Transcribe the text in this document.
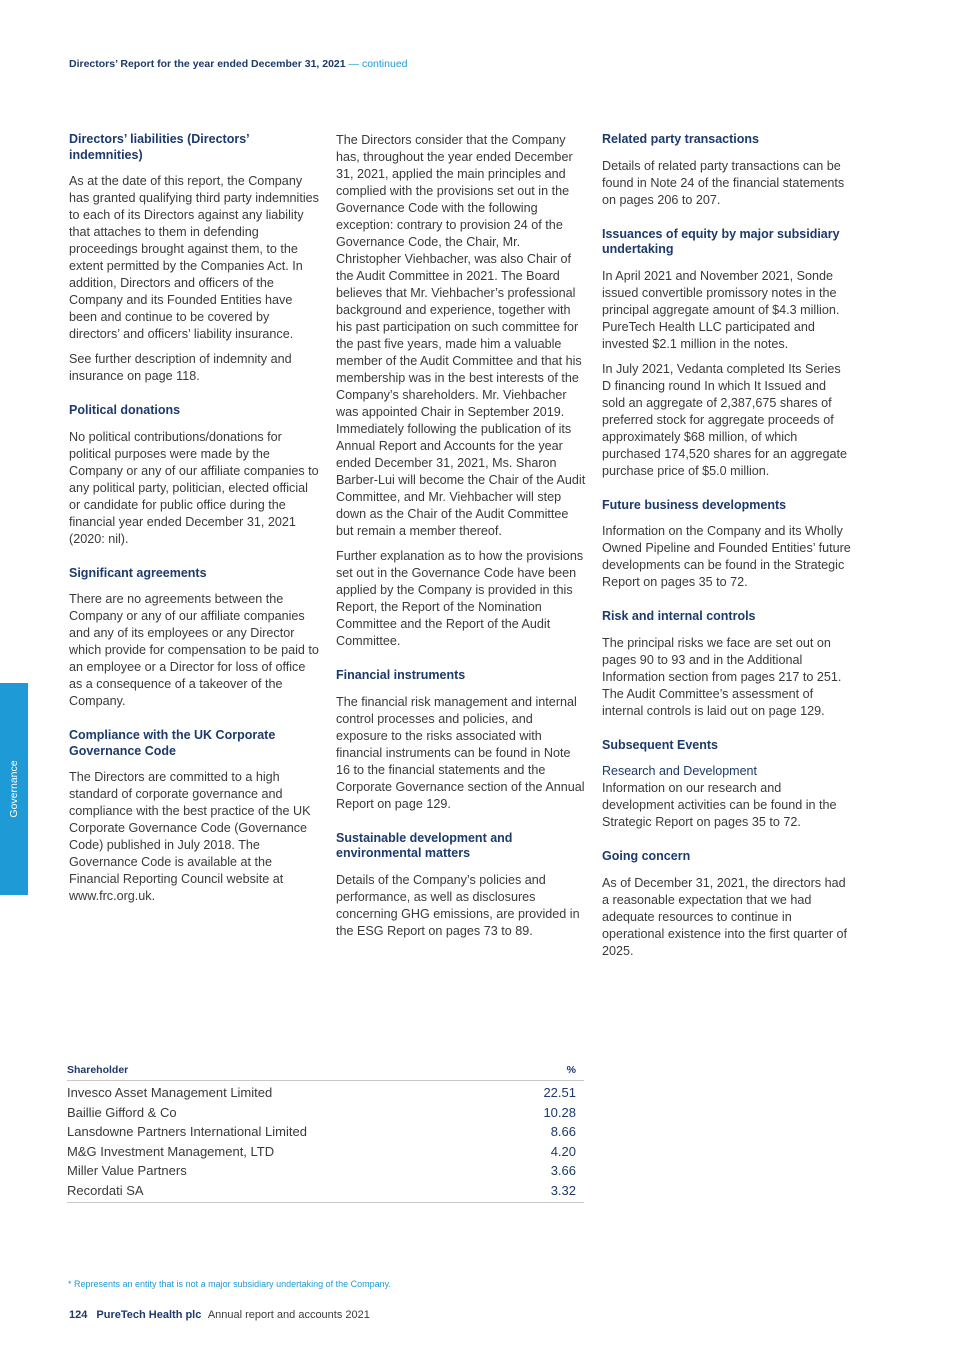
Directors’ Report for the year ended December 31, 2021 — continued
Governance
Directors’ liabilities (Directors’ indemnities)

As at the date of this report, the Company has granted qualifying third party indemnities to each of its Directors against any liability that attaches to them in defending proceedings brought against them, to the extent permitted by the Companies Act. In addition, Directors and officers of the Company and its Founded Entities have been and continue to be covered by directors’ and officers’ liability insurance.

See further description of indemnity and insurance on page 118.

Political donations

No political contributions/donations for political purposes were made by the Company or any of our affiliate companies to any political party, politician, elected official or candidate for public office during the financial year ended December 31, 2021 (2020: nil).

Significant agreements

There are no agreements between the Company or any of our affiliate companies and any of its employees or any Director which provide for compensation to be paid to an employee or a Director for loss of office as a consequence of a takeover of the Company.

Compliance with the UK Corporate Governance Code

The Directors are committed to a high standard of corporate governance and compliance with the best practice of the UK Corporate Governance Code (Governance Code) published in July 2018. The Governance Code is available at the Financial Reporting Council website at www.frc.org.uk.

The Directors consider that the Company has, throughout the year ended December 31, 2021, applied the main principles and complied with the provisions set out in the Governance Code with the following exception: contrary to provision 24 of the Governance Code, the Chair, Mr. Christopher Viehbacher, was also Chair of the Audit Committee in 2021. The Board believes that Mr. Viehbacher’s professional background and experience, together with his past participation on such committee for the past five years, made him a valuable member of the Audit Committee and that his membership was in the best interests of the Company’s shareholders. Mr. Viehbacher was appointed Chair in September 2019. Immediately following the publication of its Annual Report and Accounts for the year ended December 31, 2021, Ms. Sharon Barber-Lui will become the Chair of the Audit Committee, and Mr. Viehbacher will step down as the Chair of the Audit Committee but remain a member thereof.

Further explanation as to how the provisions set out in the Governance Code have been applied by the Company is provided in this Report, the Report of the Nomination Committee and the Report of the Audit Committee.

Financial instruments

The financial risk management and internal control processes and policies, and exposure to the risks associated with financial instruments can be found in Note 16 to the financial statements and the Corporate Governance section of the Annual Report on page 129.

Sustainable development and environmental matters

Details of the Company’s policies and performance, as well as disclosures concerning GHG emissions, are provided in the ESG Report on pages 73 to 89.

Related party transactions

Details of related party transactions can be found in Note 24 of the financial statements on pages 206 to 207.

Issuances of equity by major subsidiary undertaking

In April 2021 and November 2021, Sonde issued convertible promissory notes in the principal aggregate amount of $4.3 million. PureTech Health LLC participated and invested $2.1 million in the notes.

In July 2021, Vedanta completed Its Series D financing round In which It Issued and sold an aggregate of 2,387,675 shares of preferred stock for aggregate proceeds of approximately $68 million, of which purchased 174,520 shares for an aggregate purchase price of $5.0 million.

Future business developments

Information on the Company and its Wholly Owned Pipeline and Founded Entities’ future developments can be found in the Strategic Report on pages 35 to 72.

Risk and internal controls

The principal risks we face are set out on pages 90 to 93 and in the Additional Information section from pages 217 to 251. The Audit Committee’s assessment of internal controls is laid out on page 129.

Subsequent Events
Research and Development

Information on our research and development activities can be found in the Strategic Report on pages 35 to 72.

Going concern

As of December 31, 2021, the directors had a reasonable expectation that we had adequate resources to continue in operational existence into the first quarter of 2025.

Shareholder	%
Invesco Asset Management Limited	22.51
Baillie Gifford & Co	10.28
Lansdowne Partners International Limited	8.66
M&G Investment Management, LTD	4.20
Miller Value Partners	3.66
Recordati SA	3.32
* Represents an entity that is not a major subsidiary undertaking of the Company.
124 PureTech Health plc Annual report and accounts 2021
